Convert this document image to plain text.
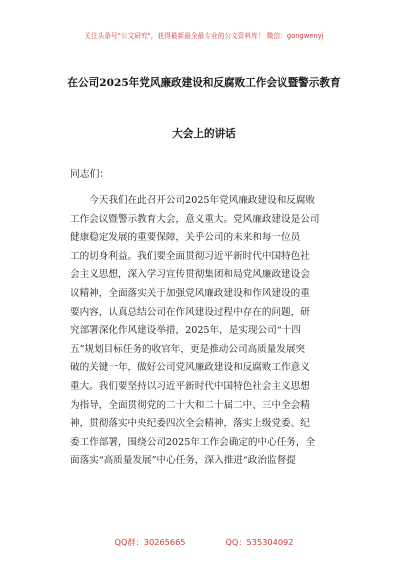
关注头条号"公文研究"，获得最新最全最专业的公文资料库！ 微信：gongwenyj
在公司2025年党风廉政建设和反腐败工作会议暨警示教育
大会上的讲话
同志们：
　　今天我们在此召开公司2025年党风廉政建设和反腐败
工作会议暨警示教育大会，意义重大。党风廉政建设是公司
健康稳定发展的重要保障，关乎公司的未来和每一位员
工的切身利益。我们要全面贯彻习近平新时代中国特色社
会主义思想，深入学习宣传贯彻集团和局党风廉政建设会
议精神，全面落实关于加强党风廉政建设和作风建设的重
要内容，认真总结公司在作风建设过程中存在的问题，研
究部署深化作风建设举措，2025年，是实现公司“十四
五”规划目标任务的收官年，更是推动公司高质量发展突
破的关键一年，做好公司党风廉政建设和反腐败工作意义
重大。我们要坚持以习近平新时代中国特色社会主义思想
为指导，全面贯彻党的二十大和二十届二中、三中全会精
神，贯彻落实中央纪委四次全会精神，落实上级党委、纪
委工作部署，围绕公司2025年工作会确定的中心任务，全
面落实“高质量发展”中心任务，深入推进“政治监督提
QQ群：30265665	QQ：535304092
